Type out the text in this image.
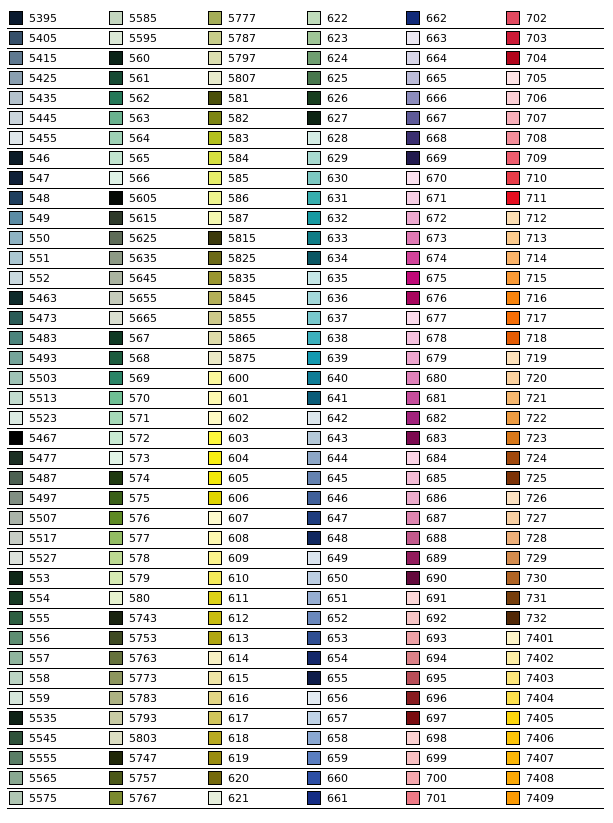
5395
5405
5415
5425
5435
5445
5455
546
547
548
549
550
551
552
5463
5473
5483
5493
5503
5513
5523
5467
5477
5487
5497
5507
5517
5527
553
554
555
556
557
558
559
5535
5545
5555
5565
5575
5585
5595
560
561
562
563
564
565
566
5605
5615
5625
5635
5645
5655
5665
567
568
569
570
571
572
573
574
575
576
577
578
579
580
5743
5753
5763
5773
5783
5793
5803
5747
5757
5767
5777
5787
5797
5807
581
582
583
584
585
586
587
5815
5825
5835
5845
5855
5865
5875
600
601
602
603
604
605
606
607
608
609
610
611
612
613
614
615
616
617
618
619
620
621
622
623
624
625
626
627
628
629
630
631
632
633
634
635
636
637
638
639
640
641
642
643
644
645
646
647
648
649
650
651
652
653
654
655
656
657
658
659
660
661
662
663
664
665
666
667
668
669
670
671
672
673
674
675
676
677
678
679
680
681
682
683
684
685
686
687
688
689
690
691
692
693
694
695
696
697
698
699
700
701
702
703
704
705
706
707
708
709
710
711
712
713
714
715
716
717
718
719
720
721
722
723
724
725
726
727
728
729
730
731
732
7401
7402
7403
7404
7405
7406
7407
7408
7409
